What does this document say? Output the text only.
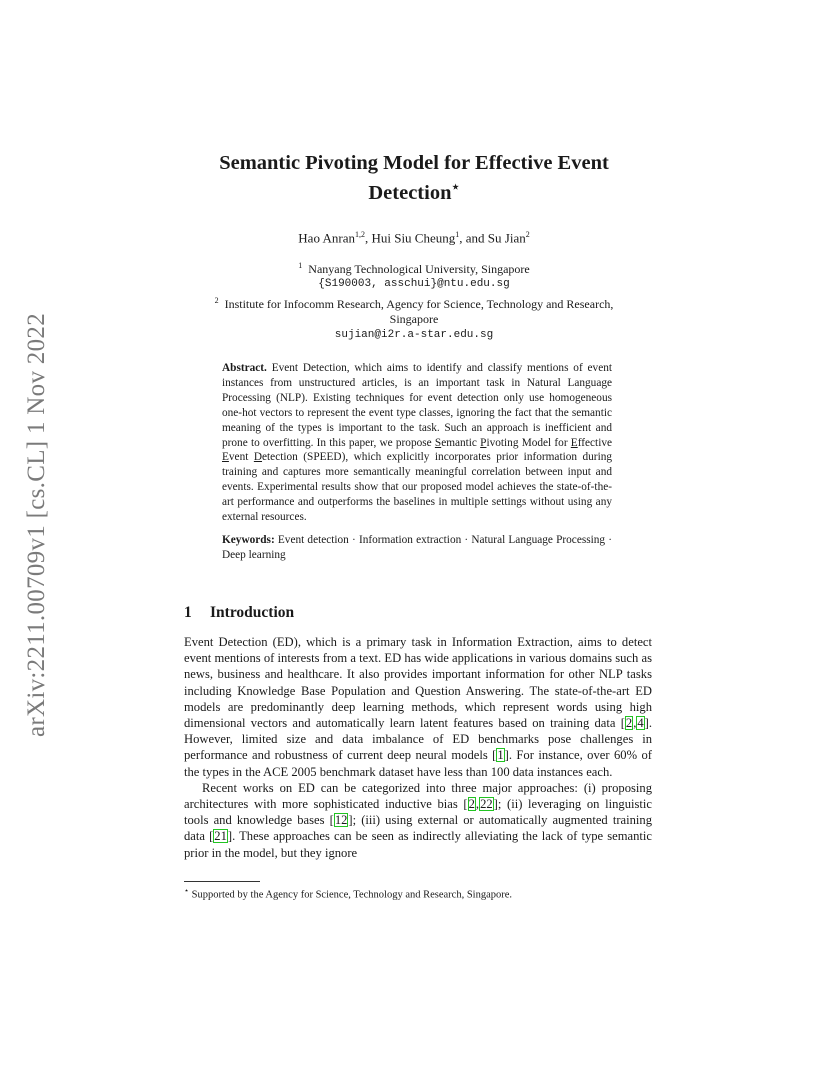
arXiv:2211.00709v1 [cs.CL] 1 Nov 2022
Semantic Pivoting Model for Effective Event
Detection⋆
Hao Anran$^{1,2}$, Hui Siu Cheung$^1$, and Su Jian$^2$
$^1$ Nanyang Technological University, Singapore
{S190003, asschui}@ntu.edu.sg
$^2$ Institute for Infocomm Research, Agency for Science, Technology and Research,
Singapore
sujian@i2r.a-star.edu.sg

Abstract. Event Detection, which aims to identify and classify mentions of event instances from unstructured articles, is an important task in Natural Language Processing (NLP). Existing techniques for event detection only use homogeneous one-hot vectors to represent the event type classes, ignoring the fact that the semantic meaning of the types is important to the task. Such an approach is inefficient and prone to overfitting. In this paper, we propose Semantic Pivoting Model for Effective Event Detection (SPEED), which explicitly incorporates prior information during training and captures more semantically meaningful correlation between input and events. Experimental results show that our proposed model achieves the state-of-the-art performance and outperforms the baselines in multiple settings without using any external resources.

Keywords: Event detection · Information extraction · Natural Language Processing · Deep learning

1 Introduction

Event Detection (ED), which is a primary task in Information Extraction, aims to detect event mentions of interests from a text. ED has wide applications in various domains such as news, business and healthcare. It also provides important information for other NLP tasks including Knowledge Base Population and Question Answering. The state-of-the-art ED models are predominantly deep learning methods, which represent words using high dimensional vectors and automatically learn latent features based on training data [2,4]. However, limited size and data imbalance of ED benchmarks pose challenges in performance and robustness of current deep neural models [1]. For instance, over 60% of the types in the ACE 2005 benchmark dataset have less than 100 data instances each.

Recent works on ED can be categorized into three major approaches: (i) proposing architectures with more sophisticated inductive bias [2,22]; (ii) leveraging on linguistic tools and knowledge bases [12]; (iii) using external or automatically augmented training data [21]. These approaches can be seen as indirectly alleviating the lack of type semantic prior in the model, but they ignore

⋆ Supported by the Agency for Science, Technology and Research, Singapore.
